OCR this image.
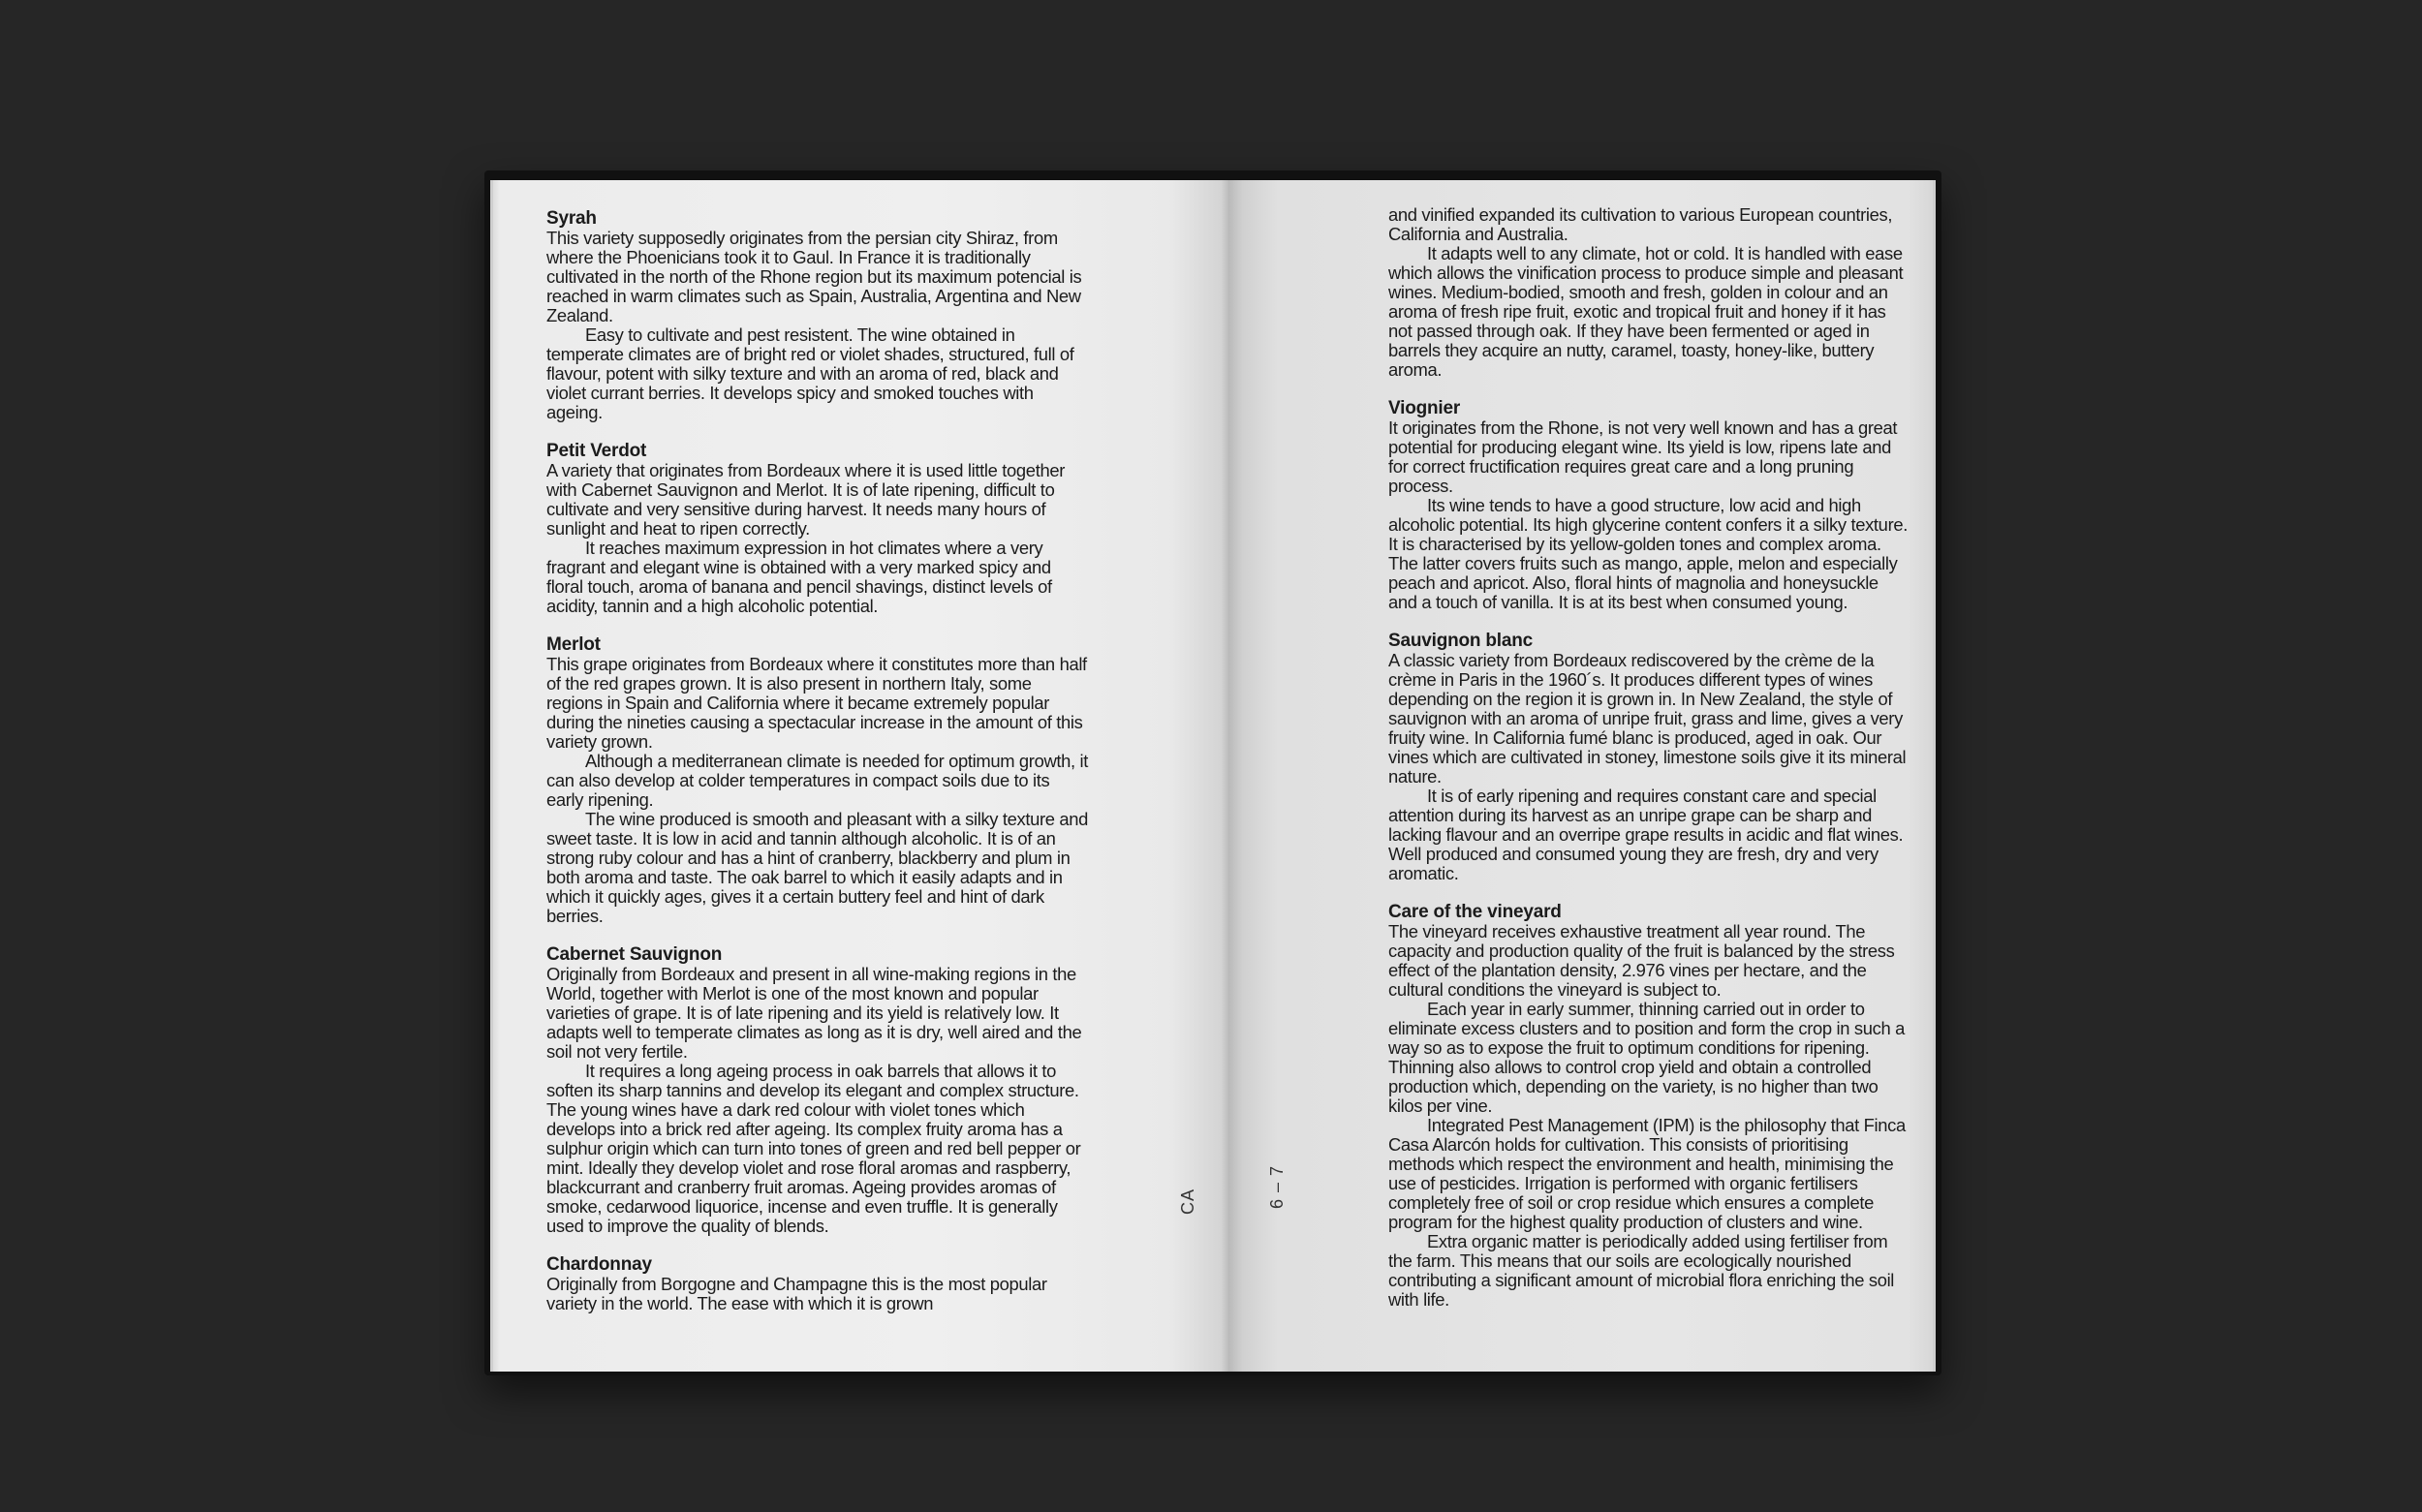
Syrah

This variety supposedly originates from the persian city Shiraz, from where the Phoenicians took it to Gaul. In France it is traditionally cultivated in the north of the Rhone region but its maximum potencial is reached in warm climates such as Spain, Australia, Argentina and New Zealand.

Easy to cultivate and pest resistent. The wine obtained in temperate climates are of bright red or violet shades, structured, full of flavour, potent with silky texture and with an aroma of red, black and violet currant berries. It develops spicy and smoked touches with ageing.

Petit Verdot

A variety that originates from Bordeaux where it is used little together with Cabernet Sauvignon and Merlot. It is of late ripening, difficult to cultivate and very sensitive during harvest. It needs many hours of sunlight and heat to ripen correctly.

It reaches maximum expression in hot climates where a very fragrant and elegant wine is obtained with a very marked spicy and floral touch, aroma of banana and pencil shavings, distinct levels of acidity, tannin and a high alcoholic potential.

Merlot

This grape originates from Bordeaux where it constitutes more than half of the red grapes grown. It is also present in northern Italy, some regions in Spain and California where it became extremely popular during the nineties causing a spectacular increase in the amount of this variety grown.

Although a mediterranean climate is needed for optimum growth, it can also develop at colder temperatures in compact soils due to its early ripening.

The wine produced is smooth and pleasant with a silky texture and sweet taste. It is low in acid and tannin although alcoholic. It is of an strong ruby colour and has a hint of cranberry, blackberry and plum in both aroma and taste. The oak barrel to which it easily adapts and in which it quickly ages, gives it a certain buttery feel and hint of dark berries.

Cabernet Sauvignon

Originally from Bordeaux and present in all wine-making regions in the World, together with Merlot is one of the most known and popular varieties of grape. It is of late ripening and its yield is relatively low. It adapts well to temperate climates as long as it is dry, well aired and the soil not very fertile.

It requires a long ageing process in oak barrels that allows it to soften its sharp tannins and develop its elegant and complex structure. The young wines have a dark red colour with violet tones which develops into a brick red after ageing. Its complex fruity aroma has a sulphur origin which can turn into tones of green and red bell pepper or mint. Ideally they develop violet and rose floral aromas and raspberry, blackcurrant and cranberry fruit aromas. Ageing provides aromas of smoke, cedarwood liquorice, incense and even truffle. It is generally used to improve the quality of blends.

Chardonnay

Originally from Borgogne and Champagne this is the most popular variety in the world. The ease with which it is grown

CA

and vinified expanded its cultivation to various European countries, California and Australia.

It adapts well to any climate, hot or cold. It is handled with ease which allows the vinification process to produce simple and pleasant wines. Medium-bodied, smooth and fresh, golden in colour and an aroma of fresh ripe fruit, exotic and tropical fruit and honey if it has not passed through oak. If they have been fermented or aged in barrels they acquire an nutty, caramel, toasty, honey-like, buttery aroma.

Viognier

It originates from the Rhone, is not very well known and has a great potential for producing elegant wine. Its yield is low, ripens late and for correct fructification requires great care and a long pruning process.

Its wine tends to have a good structure, low acid and high alcoholic potential. Its high glycerine content confers it a silky texture. It is characterised by its yellow-golden tones and complex aroma. The latter covers fruits such as mango, apple, melon and especially peach and apricot. Also, floral hints of magnolia and honeysuckle and a touch of vanilla. It is at its best when consumed young.

Sauvignon blanc

A classic variety from Bordeaux rediscovered by the crème de la crème in Paris in the 1960´s. It produces different types of wines depending on the region it is grown in. In New Zealand, the style of sauvignon with an aroma of unripe fruit, grass and lime, gives a very fruity wine. In California fumé blanc is produced, aged in oak. Our vines which are cultivated in stoney, limestone soils give it its mineral nature.

It is of early ripening and requires constant care and special attention during its harvest as an unripe grape can be sharp and lacking flavour and an overripe grape results in acidic and flat wines. Well produced and consumed young they are fresh, dry and very aromatic.

Care of the vineyard

The vineyard receives exhaustive treatment all year round. The capacity and production quality of the fruit is balanced by the stress effect of the plantation density, 2.976 vines per hectare, and the cultural conditions the vineyard is subject to.

Each year in early summer, thinning carried out in order to eliminate excess clusters and to position and form the crop in such a way so as to expose the fruit to optimum conditions for ripening. Thinning also allows to control crop yield and obtain a controlled production which, depending on the variety, is no higher than two kilos per vine.

Integrated Pest Management (IPM) is the philosophy that Finca Casa Alarcón holds for cultivation. This consists of prioritising methods which respect the environment and health, minimising the use of pesticides. Irrigation is performed with organic fertilisers completely free of soil or crop residue which ensures a complete program for the highest quality production of clusters and wine.

Extra organic matter is periodically added using fertiliser from the farm. This means that our soils are ecologically nourished contributing a significant amount of microbial flora enriching the soil with life.

6 – 7
